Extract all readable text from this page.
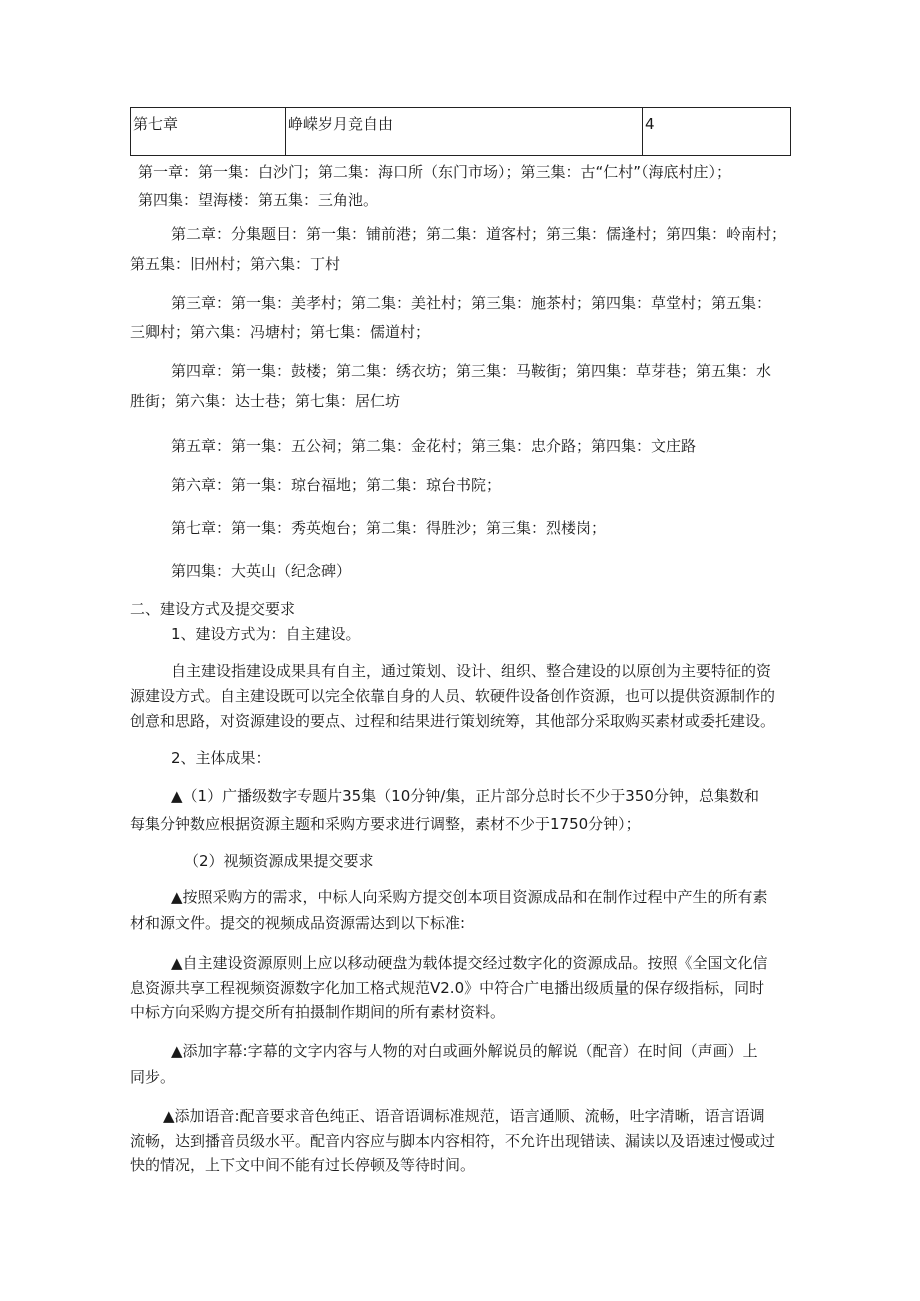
第七章	峥嵘岁月竞自由	4
第一章：第一集：白沙门；第二集：海口所（东门市场）；第三集：古“仁村”（海底村庄）；
第四集：望海楼：第五集：三角池。
第二章：分集题目：第一集：铺前港；第二集：道客村；第三集：儒逢村；第四集：岭南村；
第五集：旧州村；第六集：丁村
第三章：第一集：美孝村；第二集：美社村；第三集：施茶村；第四集：草堂村；第五集：
三卿村；第六集：冯塘村；第七集：儒道村；
第四章：第一集：鼓楼；第二集：绣衣坊；第三集：马鞍街；第四集：草芽巷；第五集：水
胜街；第六集：达士巷；第七集：居仁坊
第五章：第一集：五公祠；第二集：金花村；第三集：忠介路；第四集：文庄路
第六章：第一集：琼台福地；第二集：琼台书院；
第七章：第一集：秀英炮台；第二集：得胜沙；第三集：烈楼岗；
第四集：大英山（纪念碑）
二、建设方式及提交要求
1、建设方式为：自主建设。
自主建设指建设成果具有自主，通过策划、设计、组织、整合建设的以原创为主要特征的资
源建设方式。自主建设既可以完全依靠自身的人员、软硬件设备创作资源，也可以提供资源制作的
创意和思路，对资源建设的要点、过程和结果进行策划统筹，其他部分采取购买素材或委托建设。
2、主体成果：
▲（1）广播级数字专题片35集（10分钟/集，正片部分总时长不少于350分钟，总集数和
每集分钟数应根据资源主题和采购方要求进行调整，素材不少于1750分钟）；
（2）视频资源成果提交要求
▲按照采购方的需求，中标人向采购方提交创本项目资源成品和在制作过程中产生的所有素
材和源文件。提交的视频成品资源需达到以下标准:
▲自主建设资源原则上应以移动硬盘为载体提交经过数字化的资源成品。按照《全国文化信
息资源共享工程视频资源数字化加工格式规范V2.0》中符合广电播出级质量的保存级指标，同时
中标方向采购方提交所有拍摄制作期间的所有素材资料。
▲添加字幕:字幕的文字内容与人物的对白或画外解说员的解说（配音）在时间（声画）上
同步。
▲添加语音:配音要求音色纯正、语音语调标准规范，语言通顺、流畅，吐字清晰，语言语调
流畅，达到播音员级水平。配音内容应与脚本内容相符，不允许出现错读、漏读以及语速过慢或过
快的情况，上下文中间不能有过长停顿及等待时间。
